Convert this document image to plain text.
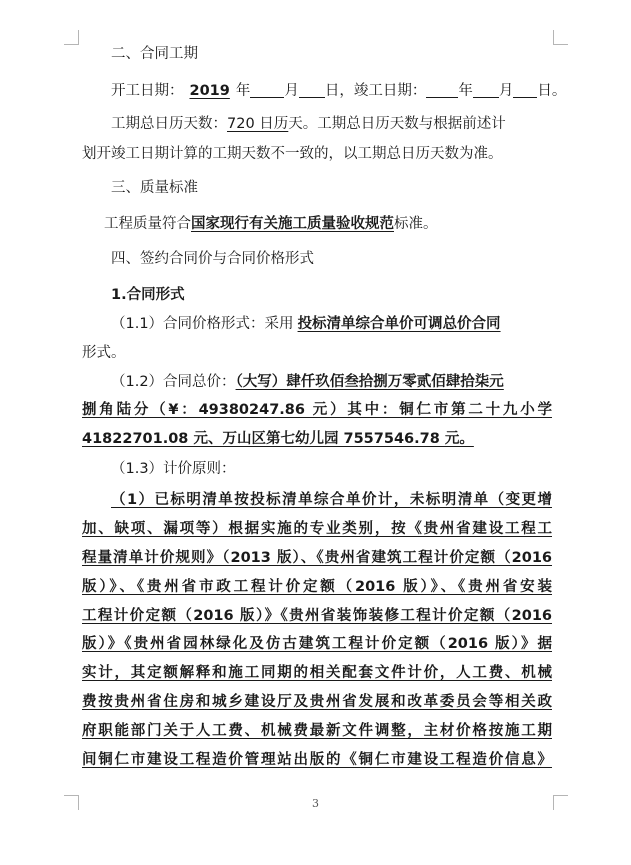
二、合同工期
开工日期： 2019 年 月 日，竣工日期： 年 月 日。
工期总日历天数：720 日历天。工期总日历天数与根据前述计
划开竣工日期计算的工期天数不一致的，以工期总日历天数为准。
三、质量标准
工程质量符合国家现行有关施工质量验收规范标准。
四、签约合同价与合同价格形式
1.合同形式
（1.1）合同价格形式：采用 投标清单综合单价可调总价合同
形式。
（1.2）合同总价：（大写）肆仟玖佰叁拾捌万零贰佰肆拾柒元
捌角陆分（¥：49380247.86 元）其中：铜仁市第二十九小学
41822701.08 元、万山区第七幼儿园 7557546.78 元。
（1.3）计价原则：
（1）已标明清单按投标清单综合单价计，未标明清单（变更增
加、缺项、漏项等）根据实施的专业类别，按《贵州省建设工程工
程量清单计价规则》（2013 版）、《贵州省建筑工程计价定额（2016
版）》、《贵州省市政工程计价定额（2016 版）》、《贵州省安装
工程计价定额（2016 版）》《贵州省装饰装修工程计价定额（2016
版）》《贵州省园林绿化及仿古建筑工程计价定额（2016 版）》据
实计，其定额解释和施工同期的相关配套文件计价，人工费、机械
费按贵州省住房和城乡建设厅及贵州省发展和改革委员会等相关政
府职能部门关于人工费、机械费最新文件调整，主材价格按施工期
间铜仁市建设工程造价管理站出版的《铜仁市建设工程造价信息》
3
